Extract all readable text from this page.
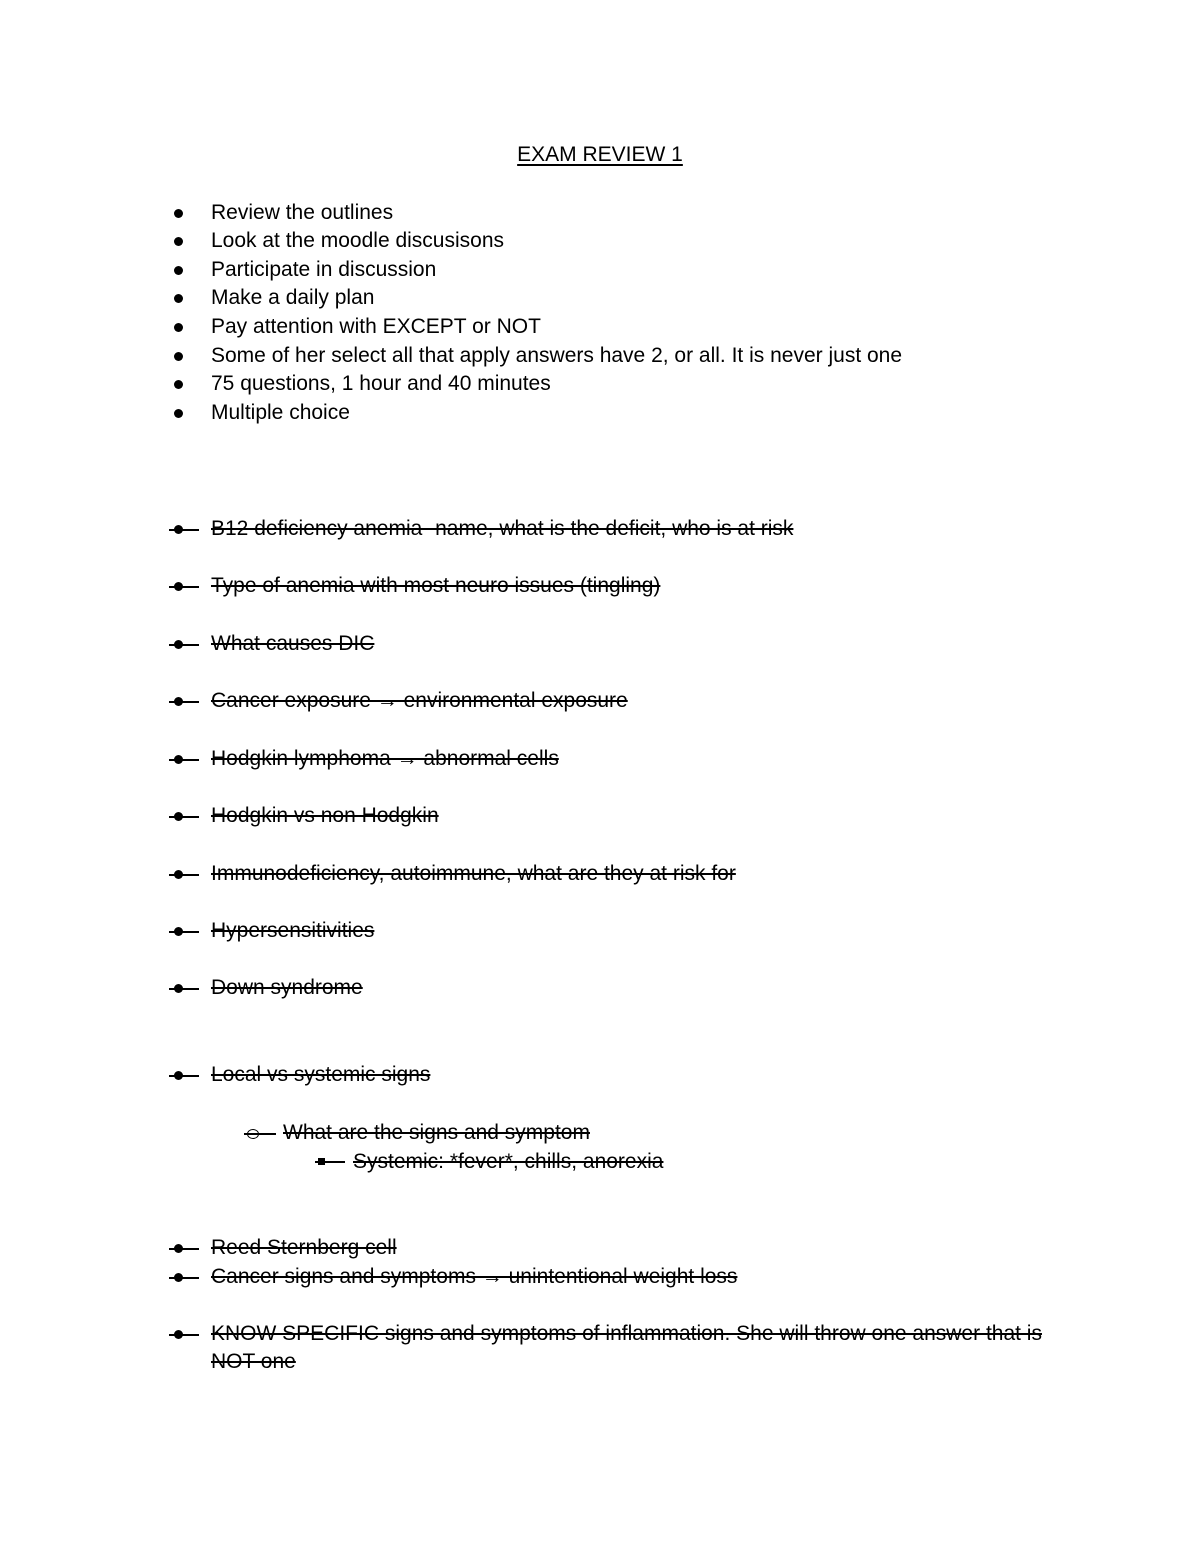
EXAM REVIEW 1
Review the outlines
Look at the moodle discusisons
Participate in discussion
Make a daily plan
Pay attention with EXCEPT or NOT
Some of her select all that apply answers have 2, or all. It is never just one
75 questions, 1 hour and 40 minutes
Multiple choice
B12 deficiency anemia- name, what is the deficit, who is at risk
Type of anemia with most neuro issues (tingling)
What causes DIC
Cancer exposure → environmental exposure
Hodgkin lymphoma → abnormal cells
Hodgkin vs non Hodgkin
Immunodeficiency, autoimmune, what are they at risk for
Hypersensitivities
Down syndrome
Local vs systemic signs
What are the signs and symptom
Systemic: *fever*, chills, anorexia
Reed Sternberg cell
Cancer signs and symptoms → unintentional weight loss
KNOW SPECIFIC signs and symptoms of inflammation. She will throw one answer that is NOT one
